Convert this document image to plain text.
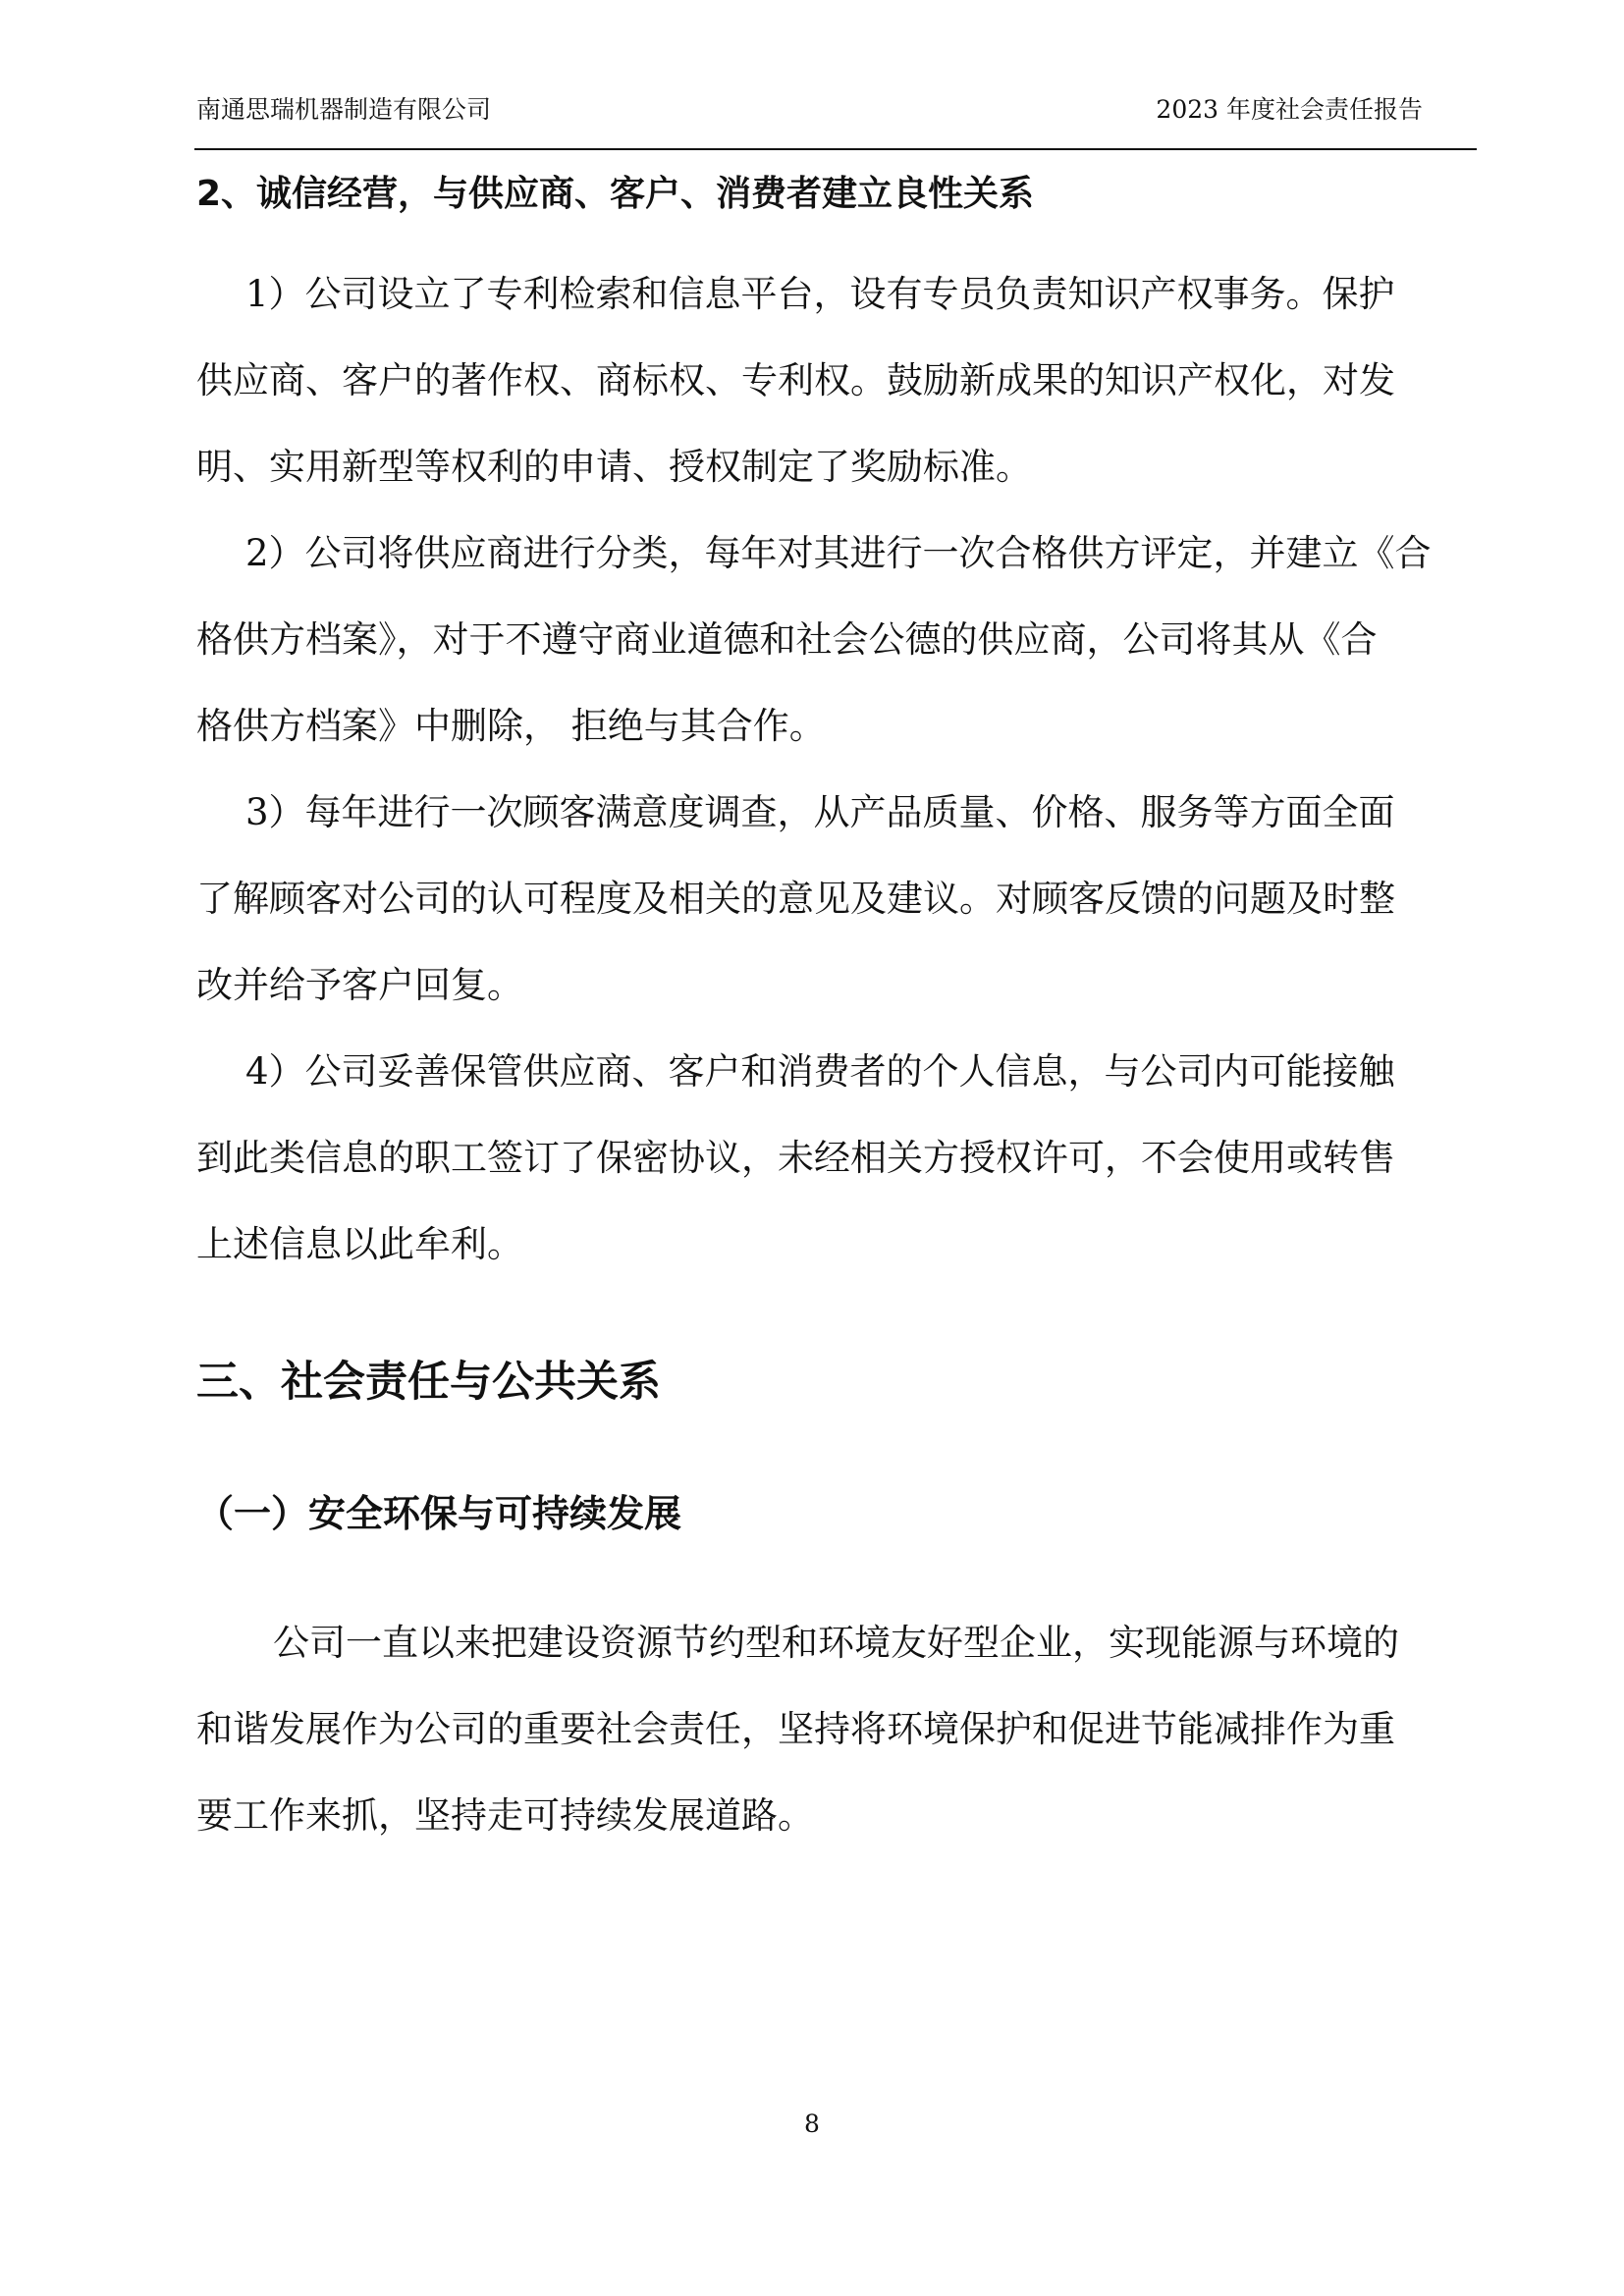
南通思瑞机器制造有限公司	2023 年度社会责任报告
2、诚信经营，与供应商、客户、消费者建立良性关系
1）公司设立了专利检索和信息平台，设有专员负责知识产权事务。保护
供应商、客户的著作权、商标权、专利权。鼓励新成果的知识产权化，对发
明、实用新型等权利的申请、授权制定了奖励标准。
2）公司将供应商进行分类，每年对其进行一次合格供方评定，并建立《合
格供方档案》，对于不遵守商业道德和社会公德的供应商，公司将其从《合
格供方档案》中删除， 拒绝与其合作。
3）每年进行一次顾客满意度调查，从产品质量、价格、服务等方面全面
了解顾客对公司的认可程度及相关的意见及建议。对顾客反馈的问题及时整
改并给予客户回复。
4）公司妥善保管供应商、客户和消费者的个人信息，与公司内可能接触
到此类信息的职工签订了保密协议，未经相关方授权许可，不会使用或转售
上述信息以此牟利。
三、社会责任与公共关系
（一）安全环保与可持续发展
公司一直以来把建设资源节约型和环境友好型企业，实现能源与环境的
和谐发展作为公司的重要社会责任，坚持将环境保护和促进节能减排作为重
要工作来抓，坚持走可持续发展道路。
8
